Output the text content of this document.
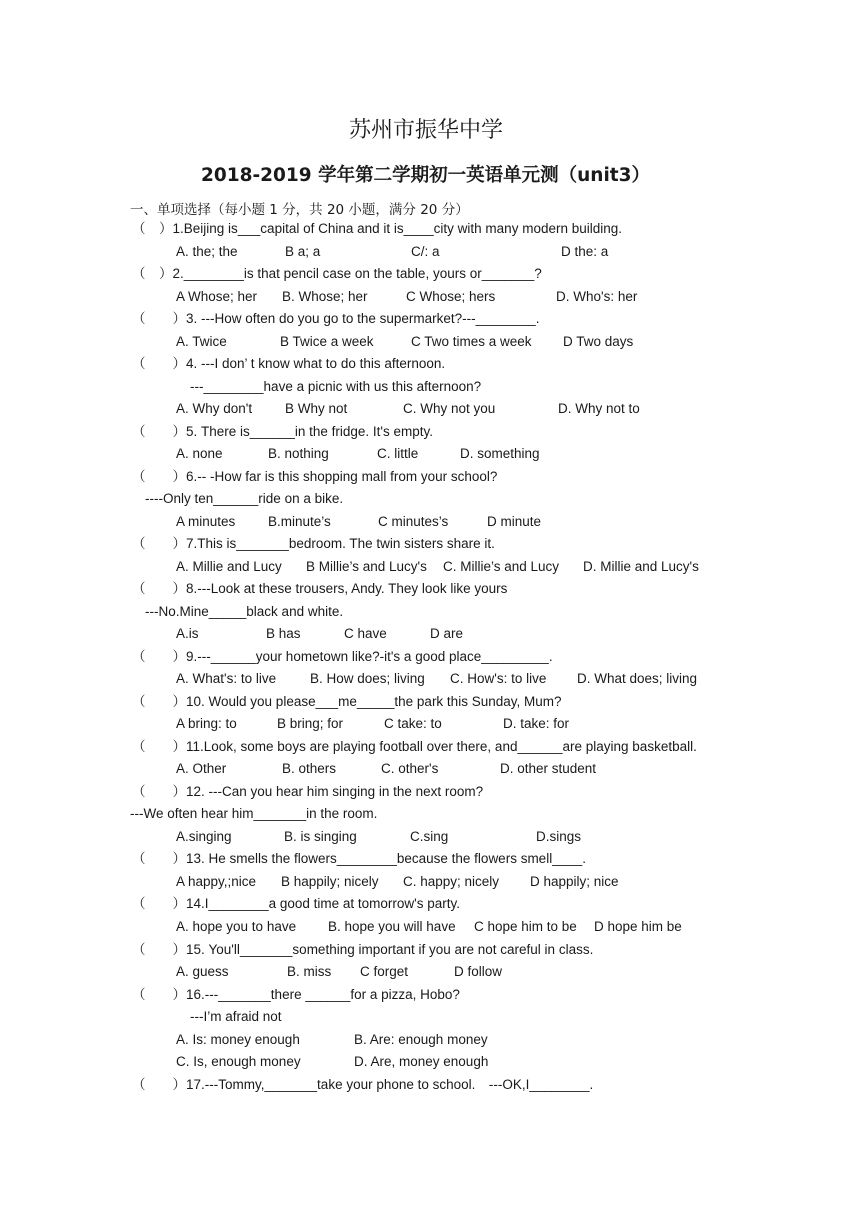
苏州市振华中学
2018-2019 学年第二学期初一英语单元测（unit3）
一、单项选择（每小题 1 分，共 20 小题，满分 20 分）
（　）1.Beijing is___capital of China and it is____city with many modern building.
A. the; the	B a; a	C/: a	D the: a
（　）2.________is that pencil case on the table, yours or_______?
A Whose; her B. Whose; her	C Whose; hers	D. Who's: her
（　　）3. ---How often do you go to the supermarket?---________.
A. Twice	B Twice a week	C Two times a week D Two days
（　　）4. ---I don’ t know what to do this afternoon.
---________have a picnic with us this afternoon?
A. Why don't B Why not	C. Why not you	D. Why not to
（　　）5. There is______in the fridge. It's empty.
A. none	B. nothing	C. little	D. something
（　　）6.-- -How far is this shopping mall from your school?
----Only ten______ride on a bike.
A minutes B.minute’s	C minutes’s	D minute
（　　）7.This is_______bedroom. The twin sisters share it.
A. Millie and Lucy B Millie’s and Lucy's C. Millie’s and Lucy D. Millie and Lucy's
（　　）8.---Look at these trousers, Andy. They look like yours
---No.Mine_____black and white.
A.is	B has	C have	D are
（　　）9.---______your hometown like?-it's a good place_________.
A. What's: to live	B. How does; living C. How's: to live D. What does; living
（　　）10. Would you please___me_____the park this Sunday, Mum?
A bring: to	B bring; for	C take: to	D. take: for
（　　）11.Look, some boys are playing football over there, and______are playing basketball.
A. Other	B. others	C. other's	D. other student
（　　）12. ---Can you hear him singing in the next room?
---We often hear him_______in the room.
A.singing	B. is singing	C.sing	D.sings
（　　）13. He smells the flowers________because the flowers smell____.
A happy,;nice B happily; nicely C. happy; nicely D happily; nice
（　　）14.I________a good time at tomorrow's party.
A. hope you to have B. hope you will have C hope him to be D hope him be
（　　）15. You'll_______something important if you are not careful in class.
A. guess	B. miss C forget	D follow
（　　）16.---_______there ______for a pizza, Hobo?
---I’m afraid not
A. Is: money enough	B. Are: enough money
C. Is, enough money	D. Are, money enough
（　　）17.---Tommy,_______take your phone to school.　---OK,I________.
